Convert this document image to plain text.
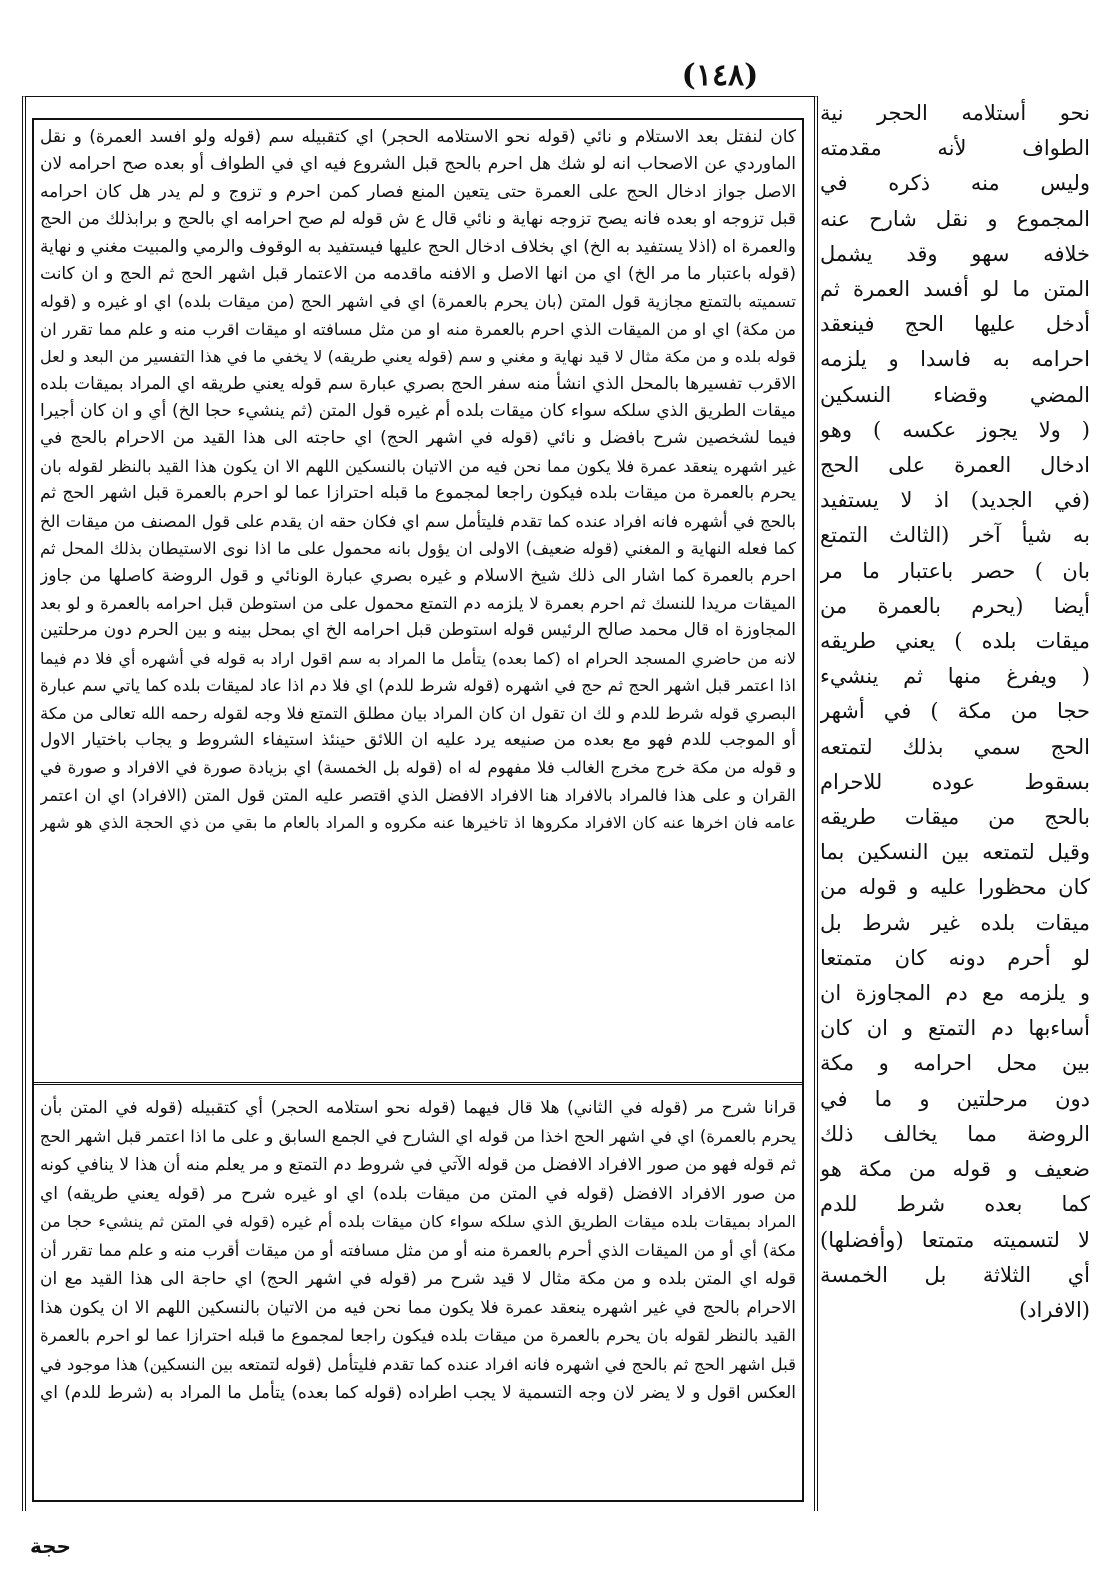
(١٤٨)
كان لنفتل بعد الاستلام و نائي (قوله نحو الاستلامه الحجر) اي كتقبيله سم (قوله ولو افسد العمرة) و نقل
الماوردي عن الاصحاب انه لو شك هل احرم بالحج قبل الشروع فيه اي في الطواف أو بعده صح احرامه لان
الاصل جواز ادخال الحج على العمرة حتى يتعين المنع فصار كمن احرم و تزوج و لم يدر هل كان احرامه
قبل تزوجه او بعده فانه يصح تزوجه نهاية و نائي قال ع ش قوله لم صح احرامه اي بالحج و برابذلك من الحج
والعمرة اه (اذلا يستفيد به الخ) اي بخلاف ادخال الحج عليها فيستفيد به الوقوف والرمي والمبيت مغني و نهاية
(قوله باعتبار ما مر الخ) اي من انها الاصل و الافنه ماقدمه من الاعتمار قبل اشهر الحج ثم الحج و ان كانت
تسميته بالتمتع مجازية قول المتن (بان يحرم بالعمرة) اي في اشهر الحج (من ميقات بلده) اي او غيره و (قوله
من مكة) اي او من الميقات الذي احرم بالعمرة منه او من مثل مسافته او ميقات اقرب منه و علم مما تقرر ان
قوله بلده و من مكة مثال لا قيد نهاية و مغني و سم (قوله يعني طريقه) لا يخفي ما في هذا التفسير من البعد و لعل
الاقرب تفسيرها بالمحل الذي انشأ منه سفر الحج بصري عبارة سم قوله يعني طريقه اي المراد بميقات بلده
ميقات الطريق الذي سلكه سواء كان ميقات بلده أم غيره قول المتن (ثم ينشيء حجا الخ) أي و ان كان أجيرا
فيما لشخصين شرح بافضل و نائي (قوله في اشهر الحج) اي حاجته الى هذا القيد من الاحرام بالحج في
غير اشهره ينعقد عمرة فلا يكون مما نحن فيه من الاتيان بالنسكين اللهم الا ان يكون هذا القيد بالنظر لقوله بان
يحرم بالعمرة من ميقات بلده فيكون راجعا لمجموع ما قبله احترازا عما لو احرم بالعمرة قبل اشهر الحج ثم
بالحج في أشهره فانه افراد عنده كما تقدم فليتأمل سم اي فكان حقه ان يقدم على قول المصنف من ميقات الخ
كما فعله النهاية و المغني (قوله ضعيف) الاولى ان يؤول بانه محمول على ما اذا نوى الاستيطان بذلك المحل ثم
احرم بالعمرة كما اشار الى ذلك شيخ الاسلام و غيره بصري عبارة الونائي و قول الروضة كاصلها من جاوز
الميقات مريدا للنسك ثم احرم بعمرة لا يلزمه دم التمتع محمول على من استوطن قبل احرامه بالعمرة و لو بعد
المجاوزة اه قال محمد صالح الرئيس قوله استوطن قبل احرامه الخ اي بمحل بينه و بين الحرم دون مرحلتين
لانه من حاضري المسجد الحرام اه (كما بعده) يتأمل ما المراد به سم اقول اراد به قوله في أشهره أي فلا دم فيما
اذا اعتمر قبل اشهر الحج ثم حج في اشهره (قوله شرط للدم) اي فلا دم اذا عاد لميقات بلده كما ياتي سم عبارة
البصري قوله شرط للدم و لك ان تقول ان كان المراد بيان مطلق التمتع فلا وجه لقوله رحمه الله تعالى من مكة
أو الموجب للدم فهو مع بعده من صنيعه يرد عليه ان اللائق حينئذ استيفاء الشروط و يجاب باختيار الاول
و قوله من مكة خرج مخرج الغالب فلا مفهوم له اه (قوله بل الخمسة) اي بزيادة صورة في الافراد و صورة في
القران و على هذا فالمراد بالافراد هنا الافراد الافضل الذي اقتصر عليه المتن قول المتن (الافراد) اي ان اعتمر
عامه فان اخرها عنه كان الافراد مكروها اذ تاخيرها عنه مكروه و المراد بالعام ما بقي من ذي الحجة الذي هو شهر
قرانا شرح مر (قوله في الثاني) هلا قال فيهما (قوله نحو استلامه الحجر) أي كتقبيله (قوله في المتن بأن
يحرم بالعمرة) اي في اشهر الحج اخذا من قوله اي الشارح في الجمع السابق و على ما اذا اعتمر قبل اشهر الحج
ثم قوله فهو من صور الافراد الافضل من قوله الآتي في شروط دم التمتع و مر يعلم منه أن هذا لا ينافي كونه
من صور الافراد الافضل (قوله في المتن من ميقات بلده) اي او غيره شرح مر (قوله يعني طريقه) اي
المراد بميقات بلده ميقات الطريق الذي سلكه سواء كان ميقات بلده أم غيره (قوله في المتن ثم ينشيء حجا من
مكة) أي أو من الميقات الذي أحرم بالعمرة منه أو من مثل مسافته أو من ميقات أقرب منه و علم مما تقرر أن
قوله اي المتن بلده و من مكة مثال لا قيد شرح مر (قوله في اشهر الحج) اي حاجة الى هذا القيد مع ان
الاحرام بالحج في غير اشهره ينعقد عمرة فلا يكون مما نحن فيه من الاتيان بالنسكين اللهم الا ان يكون هذا
القيد بالنظر لقوله بان يحرم بالعمرة من ميقات بلده فيكون راجعا لمجموع ما قبله احترازا عما لو احرم بالعمرة
قبل اشهر الحج ثم بالحج في اشهره فانه افراد عنده كما تقدم فليتأمل (قوله لتمتعه بين النسكين) هذا موجود في
العكس اقول و لا يضر لان وجه التسمية لا يجب اطراده (قوله كما بعده) يتأمل ما المراد به (شرط للدم) اي
نحو أستلامه الحجر نية
الطواف لأنه مقدمته
وليس منه ذكره في
المجموع و نقل شارح عنه
خلافه سهو وقد يشمل
المتن ما لو أفسد العمرة ثم
أدخل عليها الحج فينعقد
احرامه به فاسدا و يلزمه
المضي وقضاء النسكين
( ولا يجوز عكسه ) وهو
ادخال العمرة على الحج
(في الجديد) اذ لا يستفيد
به شيأ آخر (الثالث التمتع
بان ) حصر باعتبار ما مر
أيضا (يحرم بالعمرة من
ميقات بلده ) يعني طريقه
( ويفرغ منها ثم ينشيء
حجا من مكة ) في أشهر
الحج سمي بذلك لتمتعه
بسقوط عوده للاحرام
بالحج من ميقات طريقه
وقيل لتمتعه بين النسكين بما
كان محظورا عليه و قوله من
ميقات بلده غير شرط بل
لو أحرم دونه كان متمتعا
و يلزمه مع دم المجاوزة ان
أساءبها دم التمتع و ان كان
بين محل احرامه و مكة
دون مرحلتين و ما في
الروضة مما يخالف ذلك
ضعيف و قوله من مكة هو
كما بعده شرط للدم
لا لتسميته متمتعا (وأفضلها)
أي الثلاثة بل الخمسة
(الافراد)
حجة
